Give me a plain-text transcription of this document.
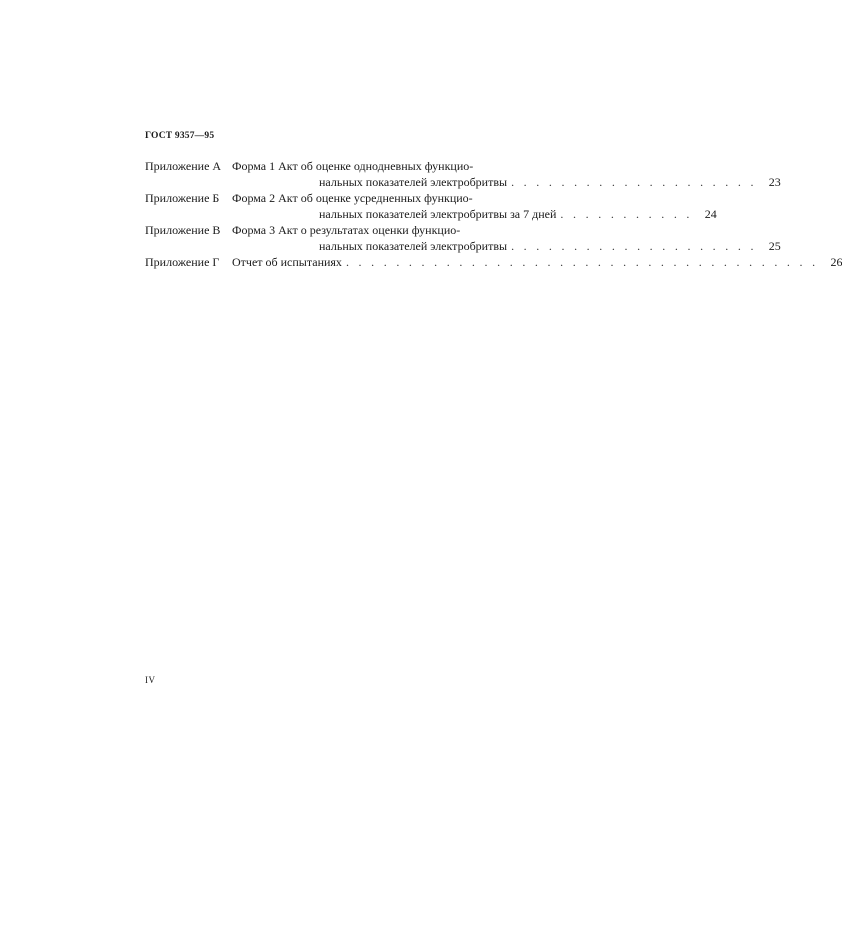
ГОСТ 9357—95
Приложение А Форма 1 Акт об оценке однодневных функцио-
нальных показателей электробритвы . . . . . . . . . . . . . . . . . . . .	23
Приложение Б	Форма 2 Акт об оценке усредненных функцио-
нальных показателей электробритвы за 7 дней . . . . . . . . . . .	24
Приложение В Форма 3 Акт о результатах оценки функцио-
нальных показателей электробритвы . . . . . . . . . . . . . . . . . . . .	25
Приложение Г	Отчет об испытаниях . . . . . . . . . . . . . . . . . . . . . . . . . . . . . . . . . . . . . .	26
IV
